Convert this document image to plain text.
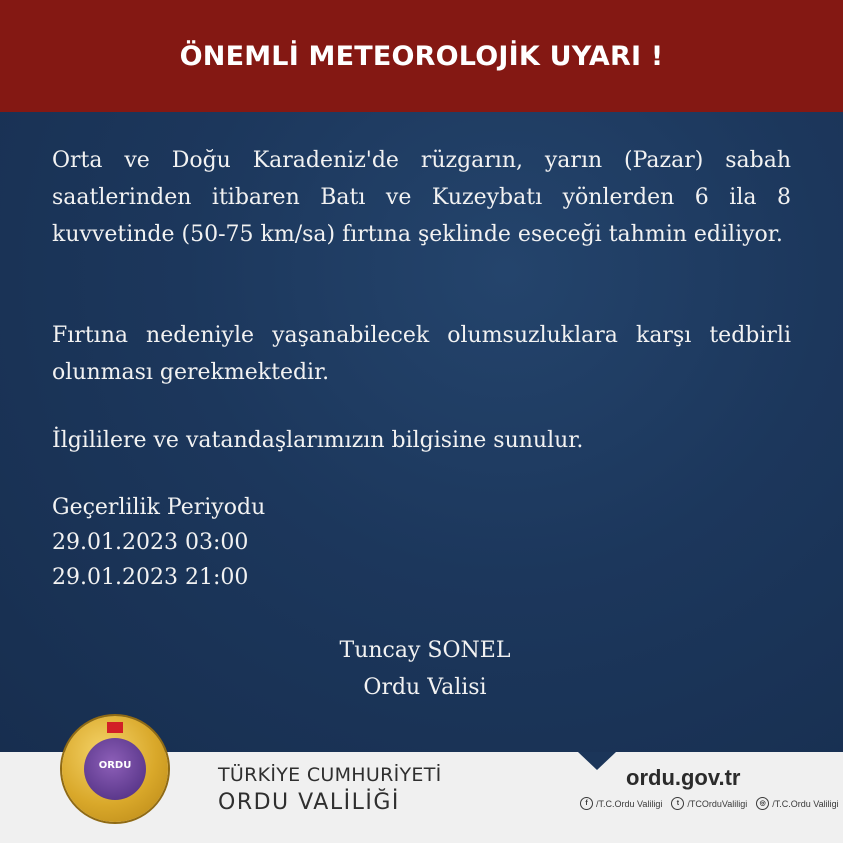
ÖNEMLİ METEOROLOJİK UYARI !

Orta ve Doğu Karadeniz'de rüzgarın, yarın (Pazar) sabah saatlerinden itibaren Batı ve Kuzeybatı yönlerden 6 ila 8 kuvvetinde (50-75 km/sa) fırtına şeklinde eseceği tahmin ediliyor.

Fırtına nedeniyle yaşanabilecek olumsuzluklara karşı tedbirli olunması gerekmektedir.

İlgililere ve vatandaşlarımızın bilgisine sunulur.

Geçerlilik Periyodu
29.01.2023 03:00
29.01.2023 21:00
Tuncay SONEL
Ordu Valisi
ORDU	TÜRKİYE CUMHURİYETİ
ORDU VALİLİĞİ
ordu.gov.tr
f /T.C.Ordu Valiligi	t /TCOrduValiligi	◎ /T.C.Ordu Valiligi
